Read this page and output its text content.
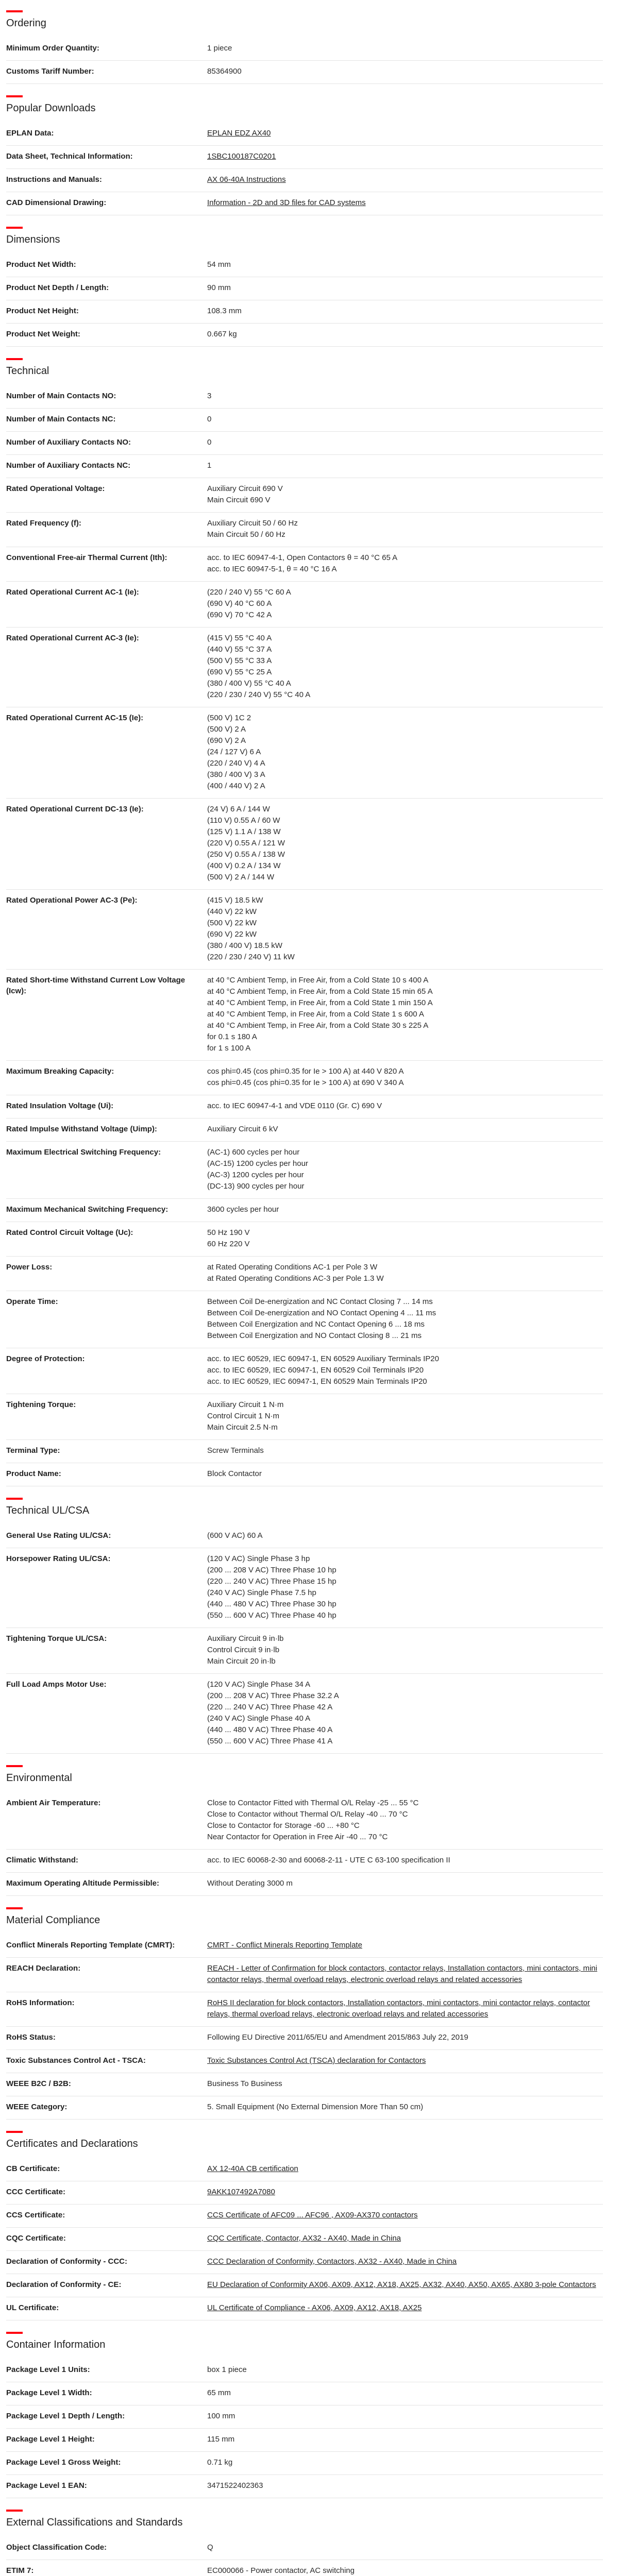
Ordering
Minimum Order Quantity:	1 piece
Customs Tariff Number:	85364900
Popular Downloads
EPLAN Data:	EPLAN EDZ AX40
Data Sheet, Technical Information:	1SBC100187C0201
Instructions and Manuals:	AX 06-40A Instructions
CAD Dimensional Drawing:	Information - 2D and 3D files for CAD systems
Dimensions
Product Net Width:	54 mm
Product Net Depth / Length:	90 mm
Product Net Height:	108.3 mm
Product Net Weight:	0.667 kg
Technical
Number of Main Contacts NO:	3
Number of Main Contacts NC:	0
Number of Auxiliary Contacts NO:	0
Number of Auxiliary Contacts NC:	1
Rated Operational Voltage:	Auxiliary Circuit 690 V
Main Circuit 690 V
Rated Frequency (f):	Auxiliary Circuit 50 / 60 Hz
Main Circuit 50 / 60 Hz
Conventional Free-air Thermal Current (Ith):	acc. to IEC 60947-4-1, Open Contactors θ = 40 °C 65 A
acc. to IEC 60947-5-1, θ = 40 °C 16 A
Rated Operational Current AC-1 (Ie):	(220 / 240 V) 55 °C 60 A
(690 V) 40 °C 60 A
(690 V) 70 °C 42 A
Rated Operational Current AC-3 (Ie):	(415 V) 55 °C 40 A
(440 V) 55 °C 37 A
(500 V) 55 °C 33 A
(690 V) 55 °C 25 A
(380 / 400 V) 55 °C 40 A
(220 / 230 / 240 V) 55 °C 40 A
Rated Operational Current AC-15 (Ie):	(500 V) 1C 2
(500 V) 2 A
(690 V) 2 A
(24 / 127 V) 6 A
(220 / 240 V) 4 A
(380 / 400 V) 3 A
(400 / 440 V) 2 A
Rated Operational Current DC-13 (Ie):	(24 V) 6 A / 144 W
(110 V) 0.55 A / 60 W
(125 V) 1.1 A / 138 W
(220 V) 0.55 A / 121 W
(250 V) 0.55 A / 138 W
(400 V) 0.2 A / 134 W
(500 V) 2 A / 144 W
Rated Operational Power AC-3 (Pe):	(415 V) 18.5 kW
(440 V) 22 kW
(500 V) 22 kW
(690 V) 22 kW
(380 / 400 V) 18.5 kW
(220 / 230 / 240 V) 11 kW
Rated Short-time Withstand Current Low Voltage (Icw):
at 40 °C Ambient Temp, in Free Air, from a Cold State 10 s 400 A
at 40 °C Ambient Temp, in Free Air, from a Cold State 15 min 65 A
at 40 °C Ambient Temp, in Free Air, from a Cold State 1 min 150 A
at 40 °C Ambient Temp, in Free Air, from a Cold State 1 s 600 A
at 40 °C Ambient Temp, in Free Air, from a Cold State 30 s 225 A
for 0.1 s 180 A
for 1 s 100 A
Maximum Breaking Capacity:	cos phi=0.45 (cos phi=0.35 for Ie > 100 A) at 440 V 820 A
cos phi=0.45 (cos phi=0.35 for Ie > 100 A) at 690 V 340 A
Rated Insulation Voltage (Ui):	acc. to IEC 60947-4-1 and VDE 0110 (Gr. C) 690 V
Rated Impulse Withstand Voltage (Uimp):	Auxiliary Circuit 6 kV
Maximum Electrical Switching Frequency:	(AC-1) 600 cycles per hour
(AC-15) 1200 cycles per hour
(AC-3) 1200 cycles per hour
(DC-13) 900 cycles per hour
Maximum Mechanical Switching Frequency:	3600 cycles per hour
Rated Control Circuit Voltage (Uc):	50 Hz 190 V
60 Hz 220 V
Power Loss:	at Rated Operating Conditions AC-1 per Pole 3 W
at Rated Operating Conditions AC-3 per Pole 1.3 W
Operate Time:	Between Coil De-energization and NC Contact Closing 7 ... 14 ms
Between Coil De-energization and NO Contact Opening 4 ... 11 ms
Between Coil Energization and NC Contact Opening 6 ... 18 ms
Between Coil Energization and NO Contact Closing 8 ... 21 ms
Degree of Protection:	acc. to IEC 60529, IEC 60947-1, EN 60529 Auxiliary Terminals IP20
acc. to IEC 60529, IEC 60947-1, EN 60529 Coil Terminals IP20
acc. to IEC 60529, IEC 60947-1, EN 60529 Main Terminals IP20
Tightening Torque:	Auxiliary Circuit 1 N·m
Control Circuit 1 N·m
Main Circuit 2.5 N·m
Terminal Type:	Screw Terminals
Product Name:	Block Contactor
Technical UL/CSA
General Use Rating UL/CSA:	(600 V AC) 60 A
Horsepower Rating UL/CSA:	(120 V AC) Single Phase 3 hp
(200 ... 208 V AC) Three Phase 10 hp
(220 ... 240 V AC) Three Phase 15 hp
(240 V AC) Single Phase 7.5 hp
(440 ... 480 V AC) Three Phase 30 hp
(550 ... 600 V AC) Three Phase 40 hp
Tightening Torque UL/CSA:	Auxiliary Circuit 9 in·lb
Control Circuit 9 in·lb
Main Circuit 20 in·lb
Full Load Amps Motor Use:	(120 V AC) Single Phase 34 A
(200 ... 208 V AC) Three Phase 32.2 A
(220 ... 240 V AC) Three Phase 42 A
(240 V AC) Single Phase 40 A
(440 ... 480 V AC) Three Phase 40 A
(550 ... 600 V AC) Three Phase 41 A
Environmental
Ambient Air Temperature:	Close to Contactor Fitted with Thermal O/L Relay -25 ... 55 °C
Close to Contactor without Thermal O/L Relay -40 ... 70 °C
Close to Contactor for Storage -60 ... +80 °C
Near Contactor for Operation in Free Air -40 ... 70 °C
Climatic Withstand:	acc. to IEC 60068-2-30 and 60068-2-11 - UTE C 63-100 specification II
Maximum Operating Altitude Permissible:	Without Derating 3000 m
Material Compliance
Conflict Minerals Reporting Template (CMRT):	CMRT - Conflict Minerals Reporting Template
REACH Declaration:	REACH - Letter of Confirmation for block contactors, contactor relays, Installation contactors, mini contactors, mini contactor relays, thermal overload relays, electronic overload relays and related accessories
RoHS Information:	RoHS II declaration for block contactors, Installation contactors, mini contactors, mini contactor relays, contactor relays, thermal overload relays, electronic overload relays and related accessories
RoHS Status:	Following EU Directive 2011/65/EU and Amendment 2015/863 July 22, 2019
Toxic Substances Control Act - TSCA:	Toxic Substances Control Act (TSCA) declaration for Contactors
WEEE B2C / B2B:	Business To Business
WEEE Category:	5. Small Equipment (No External Dimension More Than 50 cm)
Certificates and Declarations
CB Certificate:	AX 12-40A CB certification
CCC Certificate:	9AKK107492A7080
CCS Certificate:	CCS Certificate of AFC09 ... AFC96 , AX09-AX370 contactors
CQC Certificate:	CQC Certificate, Contactor, AX32 - AX40, Made in China
Declaration of Conformity - CCC:	CCC Declaration of Conformity, Contactors, AX32 - AX40, Made in China
Declaration of Conformity - CE:	EU Declaration of Conformity AX06, AX09, AX12, AX18, AX25, AX32, AX40, AX50, AX65, AX80 3-pole Contactors
UL Certificate:	UL Certificate of Compliance - AX06, AX09, AX12, AX18, AX25
Container Information
Package Level 1 Units:	box 1 piece
Package Level 1 Width:	65 mm
Package Level 1 Depth / Length:	100 mm
Package Level 1 Height:	115 mm
Package Level 1 Gross Weight:	0.71 kg
Package Level 1 EAN:	3471522402363
External Classifications and Standards
Object Classification Code:	Q
ETIM 7:	EC000066 - Power contactor, AC switching
